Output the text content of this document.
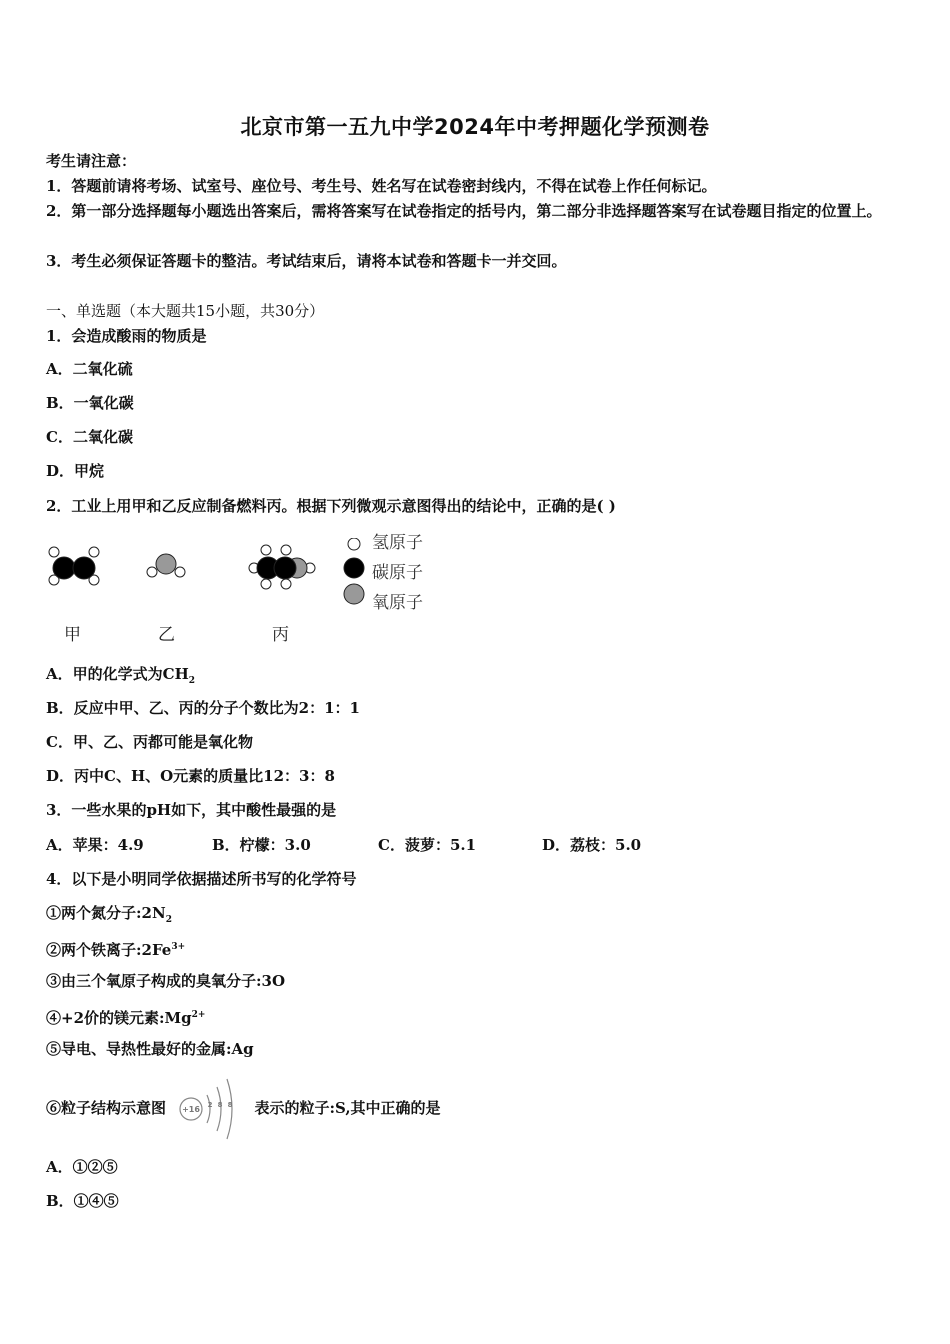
北京市第一五九中学2024年中考押题化学预测卷
考生请注意：
1．答题前请将考场、试室号、座位号、考生号、姓名写在试卷密封线内，不得在试卷上作任何标记。
2．第一部分选择题每小题选出答案后，需将答案写在试卷指定的括号内，第二部分非选择题答案写在试卷题目指定的位置上。
3．考生必须保证答题卡的整洁。考试结束后，请将本试卷和答题卡一并交回。
一、单选题（本大题共15小题，共30分）
1．会造成酸雨的物质是
A．二氧化硫
B．一氧化碳
C．二氧化碳
D．甲烷
2．工业上用甲和乙反应制备燃料丙。根据下列微观示意图得出的结论中，正确的是( )
氢原子
碳原子
氧原子
甲	乙	丙
A．甲的化学式为$CH_2$
B．反应中甲、乙、丙的分子个数比为2：1：1
C．甲、乙、丙都可能是氧化物
D．丙中C、H、O元素的质量比12：3：8
3．一些水果的pH如下，其中酸性最强的是
A．苹果：4.9	B．柠檬：3.0	C．菠萝：5.1	D．荔枝：5.0
4．以下是小明同学依据描述所书写的化学符号
①两个氮分子$:2N_2$
②两个铁离子$:2Fe^{3+}$
③由三个氧原子构成的臭氧分子:3O
④+2价的镁元素$:Mg^{2+}$
⑤导电、导热性最好的金属:Ag
⑥粒子结构示意图 +16 2 8 8 表示的粒子:S,其中正确的是
A．①②⑤
B．①④⑤
